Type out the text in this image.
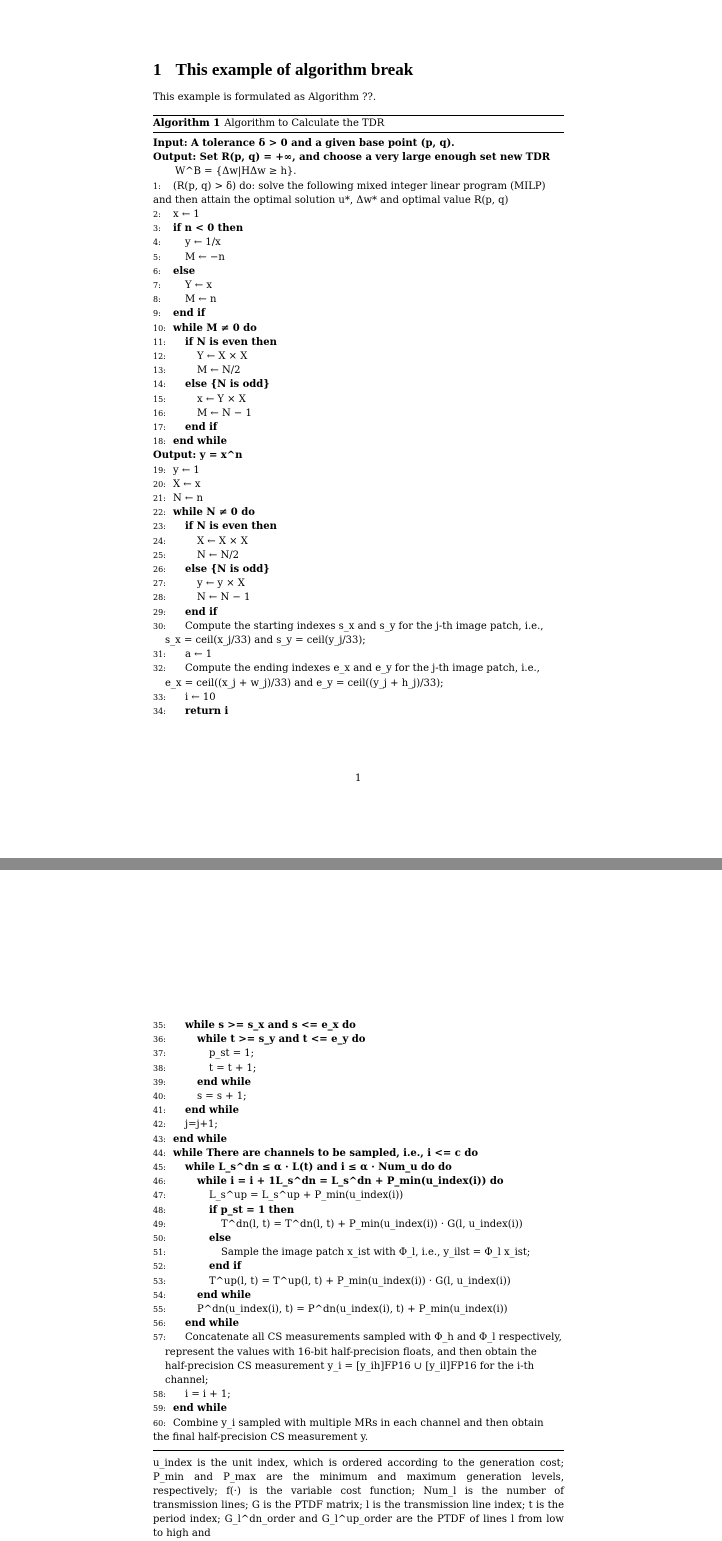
1 This example of algorithm break
This example is formulated as Algorithm ??.
Algorithm 1 Algorithm to Calculate the TDR
Input: A tolerance δ > 0 and a given base point (p, q).
Output: Set R(p, q) = +∞, and choose a very large enough set new TDR
W^B = {Δw|HΔw ≥ h}.
1:	(R(p, q) > δ) do: solve the following mixed integer linear program (MILP)
and then attain the optimal solution u*, Δw* and optimal value R(p, q)
2:	x ← 1
3:	if n < 0 then
4:	y ← 1/x
5:	M ← −n
6:	else
7:	Y ← x
8:	M ← n
9:	end if
10: while M ≠ 0 do
11:	if N is even then
12:	Y ← X × X
13:	M ← N/2
14:	else {N is odd}
15:	x ← Y × X
16:	M ← N − 1
17:	end if
18: end while
Output: y = x^n
19: y ← 1
20: X ← x
21: N ← n
22: while N ≠ 0 do
23:	if N is even then
24:	X ← X × X
25:	N ← N/2
26:	else {N is odd}
27:	y ← y × X
28:	N ← N − 1
29:	end if
30:	Compute the starting indexes s_x and s_y for the j-th image patch, i.e.,
s_x = ceil(x_j/33) and s_y = ceil(y_j/33);
31:	a ← 1
32:	Compute the ending indexes e_x and e_y for the j-th image patch, i.e.,
e_x = ceil((x_j + w_j)/33) and e_y = ceil((y_j + h_j)/33);
33:	i ← 10
34:	return i
1
35:	while s >= s_x and s <= e_x do
36:	while t >= s_y and t <= e_y do
37:	p_st = 1;
38:	t = t + 1;
39:	end while
40:	s = s + 1;
41:	end while
42:	j=j+1;
43: end while
44: while There are channels to be sampled, i.e., i <= c do
45:	while L_s^dn ≤ α · L(t) and i ≤ α · Num_u do do
46:	while i = i + 1L_s^dn = L_s^dn + P_min(u_index(i)) do
47:	L_s^up = L_s^up + P_min(u_index(i))
48:	if p_st = 1 then
49:	T^dn(l, t) = T^dn(l, t) + P_min(u_index(i)) · G(l, u_index(i))
50:	else
51:	Sample the image patch x_ist with Φ_l, i.e., y_ilst = Φ_l x_ist;
52:	end if
53:	T^up(l, t) = T^up(l, t) + P_min(u_index(i)) · G(l, u_index(i))
54:	end while
55:	P^dn(u_index(i), t) = P^dn(u_index(i), t) + P_min(u_index(i))
56:	end while
57:	Concatenate all CS measurements sampled with Φ_h and Φ_l respectively,
represent the values with 16-bit half-precision floats, and then obtain the
half-precision CS measurement y_i = [y_ih]FP16 ∪ [y_il]FP16 for the i-th
channel;
58:	i = i + 1;
59: end while
60: Combine y_i sampled with multiple MRs in each channel and then obtain
the final half-precision CS measurement y.
u_index is the unit index, which is ordered according to the generation cost; P_min and P_max are the minimum and maximum generation levels, respectively; f(·) is the variable cost function; Num_l is the number of transmission lines; G is the PTDF matrix; l is the transmission line index; t is the period index; G_l^dn_order and G_l^up_order are the PTDF of lines l from low to high and
